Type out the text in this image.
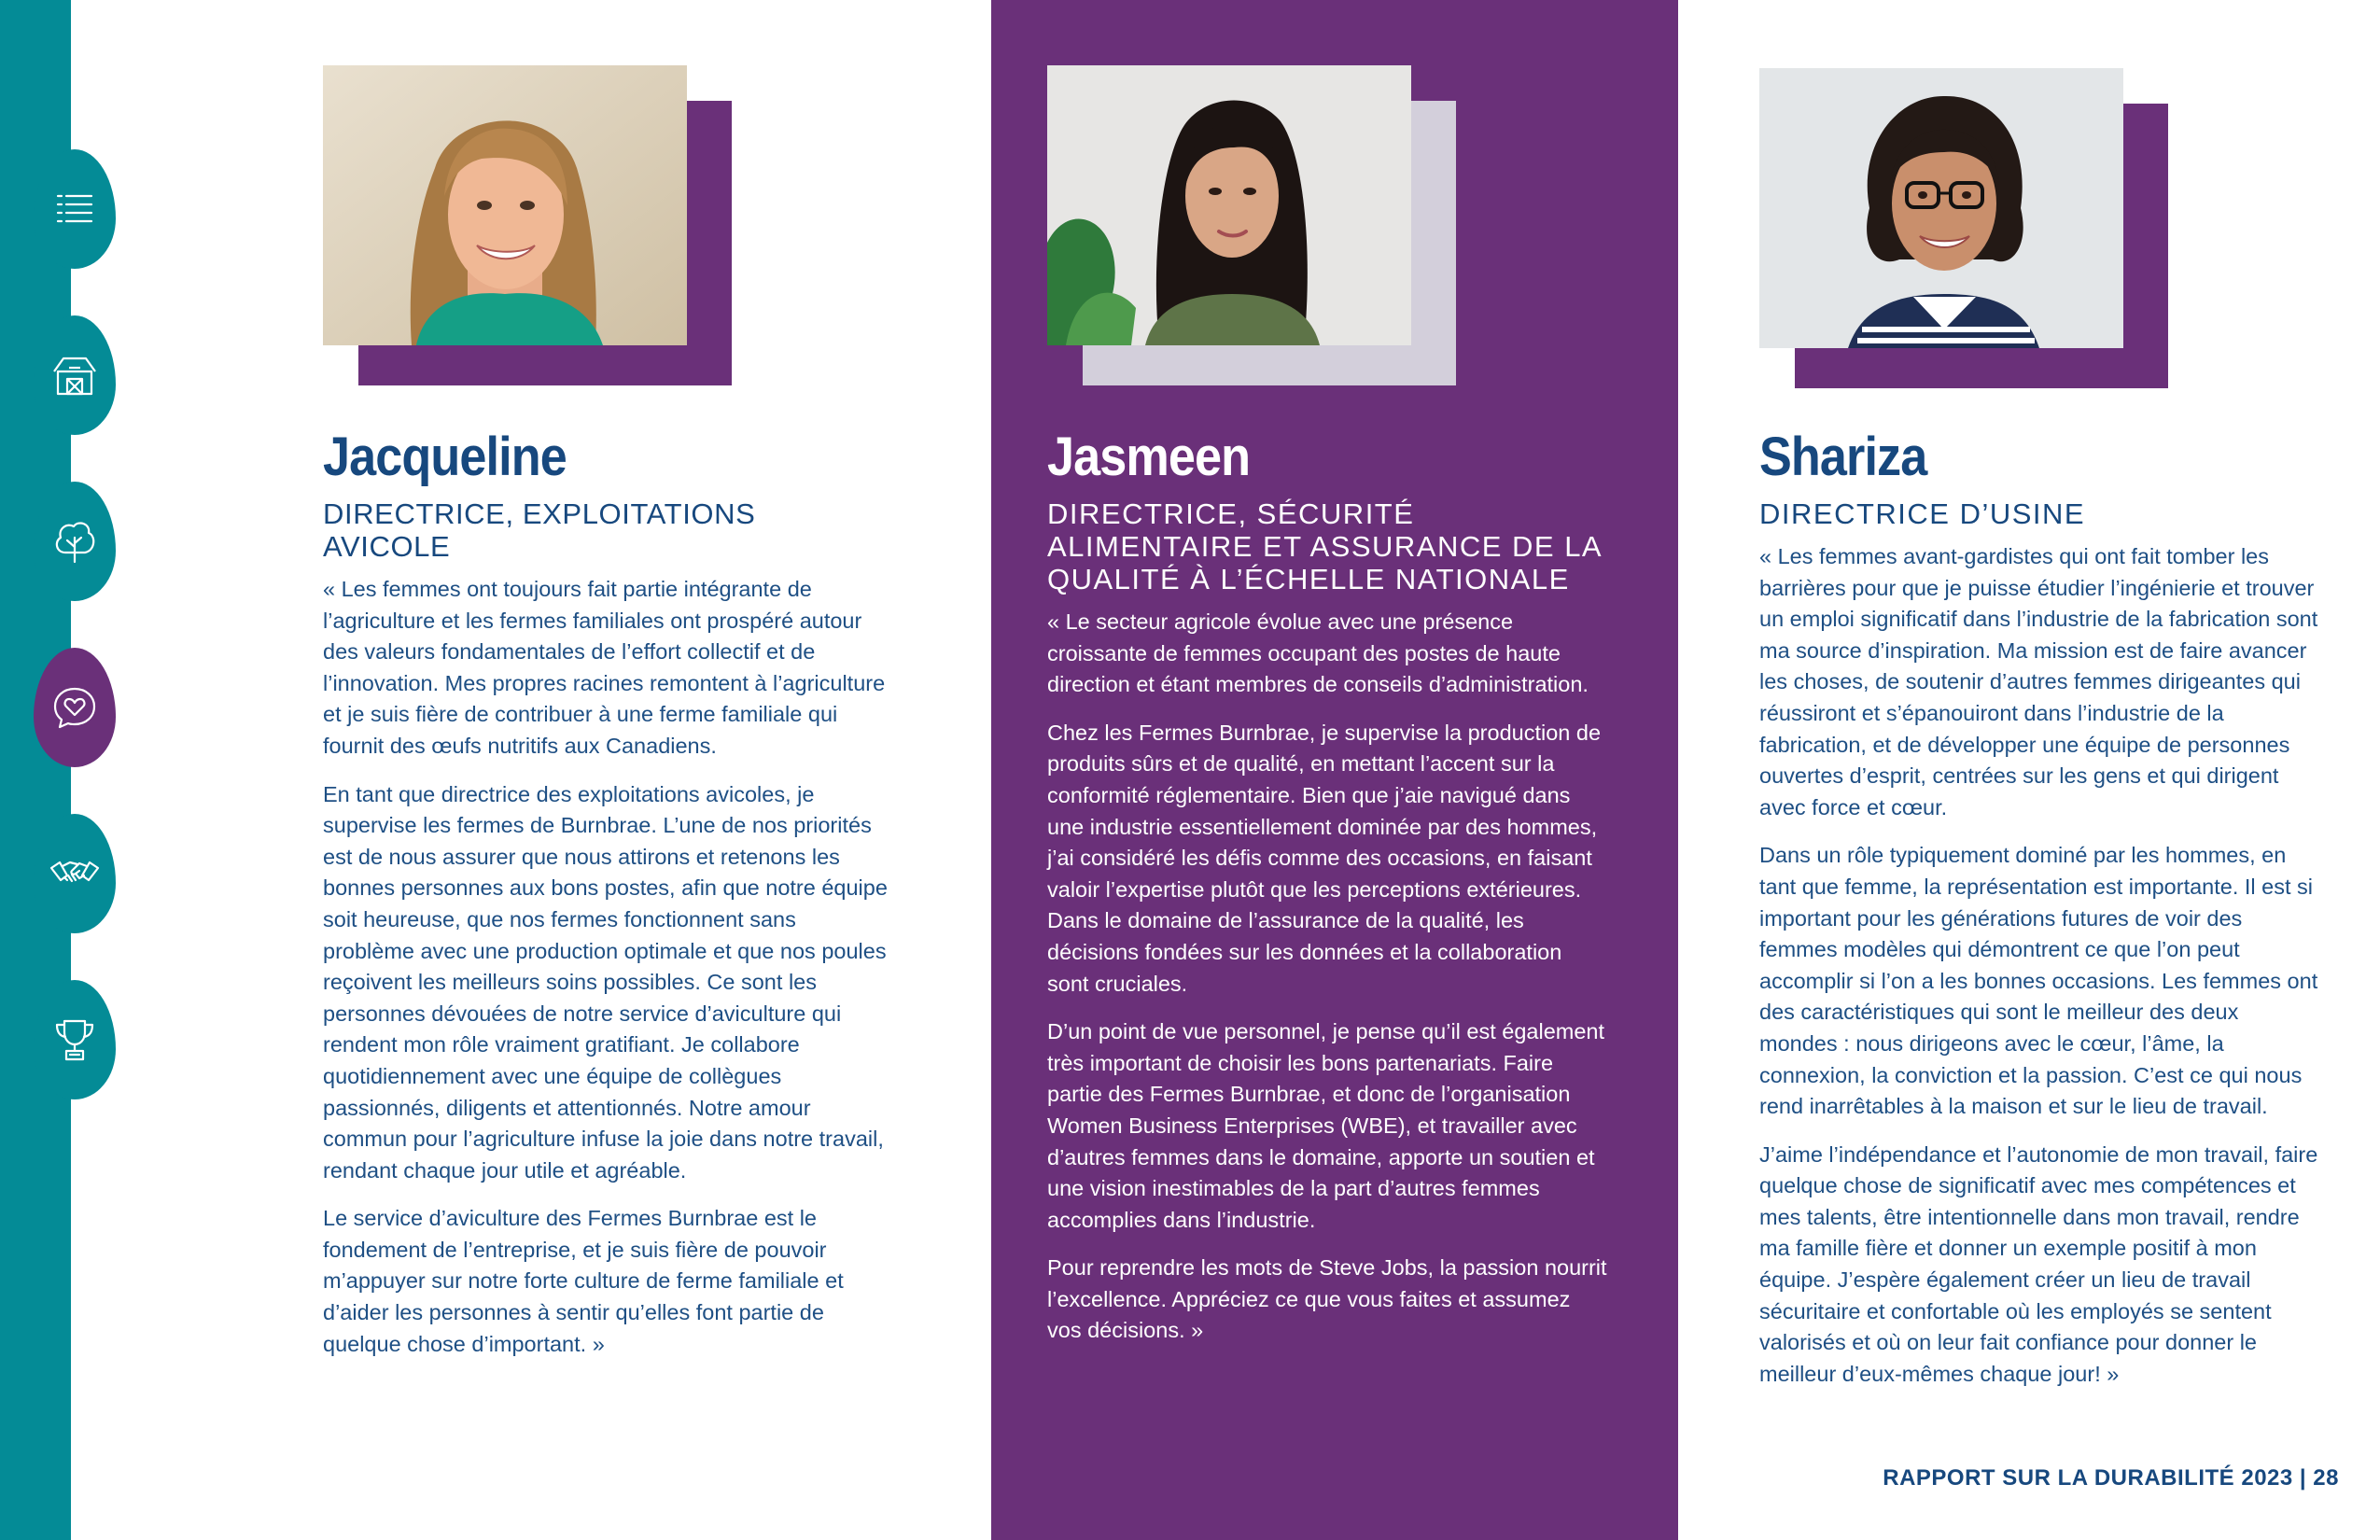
Jacqueline
DIRECTRICE, EXPLOITATIONS AVICOLE

« Les femmes ont toujours fait partie intégrante de l’agriculture et les fermes familiales ont prospéré autour des valeurs fondamentales de l’effort collectif et de l’innovation. Mes propres racines remontent à l’agriculture et je suis fière de contribuer à une ferme familiale qui fournit des œufs nutritifs aux Canadiens.

En tant que directrice des exploitations avicoles, je supervise les fermes de Burnbrae. L’une de nos priorités est de nous assurer que nous attirons et retenons les bonnes personnes aux bons postes, afin que notre équipe soit heureuse, que nos fermes fonctionnent sans problème avec une production optimale et que nos poules reçoivent les meilleurs soins possibles. Ce sont les personnes dévouées de notre service d’aviculture qui rendent mon rôle vraiment gratifiant. Je collabore quotidiennement avec une équipe de collègues passionnés, diligents et attentionnés. Notre amour commun pour l’agriculture infuse la joie dans notre travail, rendant chaque jour utile et agréable.

Le service d’aviculture des Fermes Burnbrae est le fondement de l’entreprise, et je suis fière de pouvoir m’appuyer sur notre forte culture de ferme familiale et d’aider les personnes à sentir qu’elles font partie de quelque chose d’important. »

Jasmeen
DIRECTRICE, SÉCURITÉ ALIMENTAIRE ET ASSURANCE DE LA QUALITÉ À L’ÉCHELLE NATIONALE

« Le secteur agricole évolue avec une présence croissante de femmes occupant des postes de haute direction et étant membres de conseils d’administration.

Chez les Fermes Burnbrae, je supervise la production de produits sûrs et de qualité, en mettant l’accent sur la conformité réglementaire. Bien que j’aie navigué dans une industrie essentiellement dominée par des hommes, j’ai considéré les défis comme des occasions, en faisant valoir l’expertise plutôt que les perceptions extérieures. Dans le domaine de l’assurance de la qualité, les décisions fondées sur les données et la collaboration sont cruciales.

D’un point de vue personnel, je pense qu’il est également très important de choisir les bons partenariats. Faire partie des Fermes Burnbrae, et donc de l’organisation Women Business Enterprises (WBE), et travailler avec d’autres femmes dans le domaine, apporte un soutien et une vision inestimables de la part d’autres femmes accomplies dans l’industrie.

Pour reprendre les mots de Steve Jobs, la passion nourrit l’excellence. Appréciez ce que vous faites et assumez vos décisions. »

Shariza
DIRECTRICE D’USINE

« Les femmes avant-gardistes qui ont fait tomber les barrières pour que je puisse étudier l’ingénierie et trouver un emploi significatif dans l’industrie de la fabrication sont ma source d’inspiration. Ma mission est de faire avancer les choses, de soutenir d’autres femmes dirigeantes qui réussiront et s’épanouiront dans l’industrie de la fabrication, et de développer une équipe de personnes ouvertes d’esprit, centrées sur les gens et qui dirigent avec force et cœur.

Dans un rôle typiquement dominé par les hommes, en tant que femme, la représentation est importante. Il est si important pour les générations futures de voir des femmes modèles qui démontrent ce que l’on peut accomplir si l’on a les bonnes occasions. Les femmes ont des caractéristiques qui sont le meilleur des deux mondes : nous dirigeons avec le cœur, l’âme, la connexion, la conviction et la passion. C’est ce qui nous rend inarrêtables à la maison et sur le lieu de travail.

J’aime l’indépendance et l’autonomie de mon travail, faire quelque chose de significatif avec mes compétences et mes talents, être intentionnelle dans mon travail, rendre ma famille fière et donner un exemple positif à mon équipe. J’espère également créer un lieu de travail sécuritaire et confortable où les employés se sentent valorisés et où on leur fait confiance pour donner le meilleur d’eux-mêmes chaque jour! »

RAPPORT SUR LA DURABILITÉ 2023 | 28
